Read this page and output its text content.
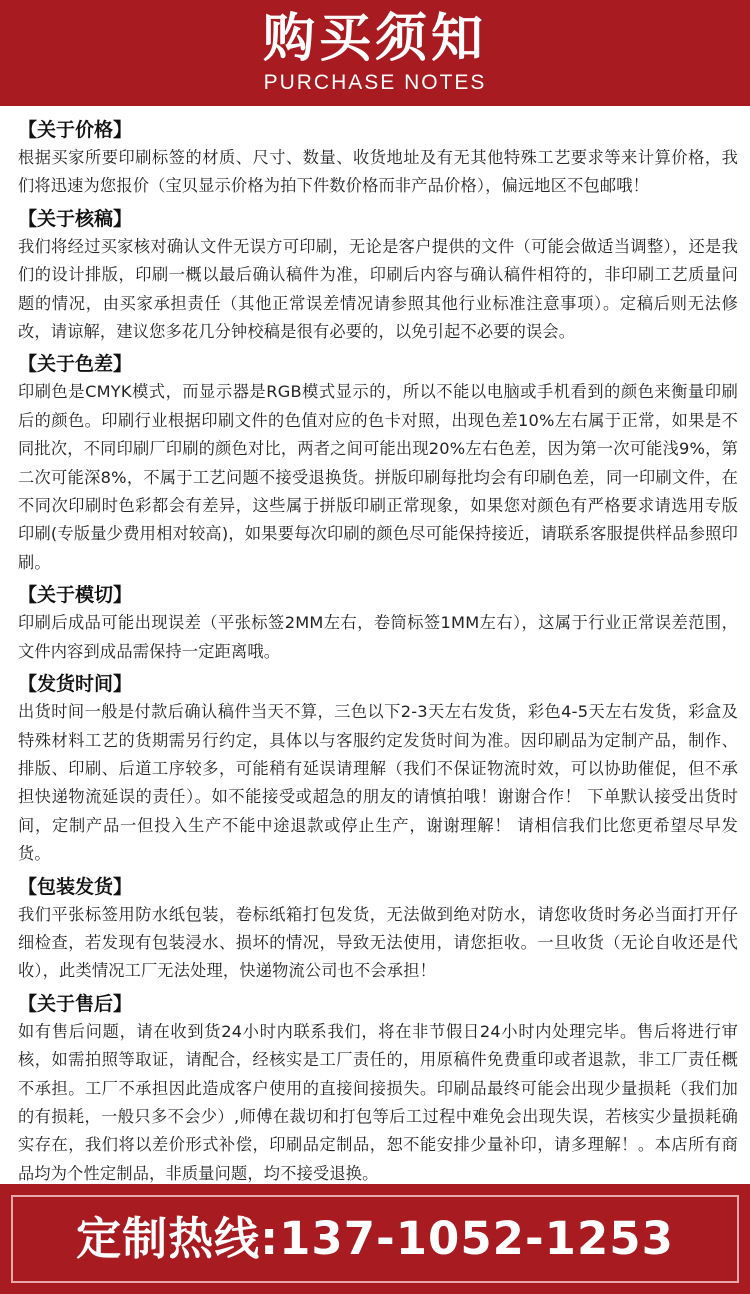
购买须知
PURCHASE NOTES
【关于价格】

根据买家所要印刷标签的材质、尺寸、数量、收货地址及有无其他特殊工艺要求等来计算价格，我们将迅速为您报价（宝贝显示价格为拍下件数价格而非产品价格），偏远地区不包邮哦！

【关于核稿】

我们将经过买家核对确认文件无误方可印刷，无论是客户提供的文件（可能会做适当调整），还是我们的设计排版，印刷一概以最后确认稿件为准，印刷后内容与确认稿件相符的，非印刷工艺质量问题的情况，由买家承担责任（其他正常误差情况请参照其他行业标准注意事项）。定稿后则无法修改，请谅解，建议您多花几分钟校稿是很有必要的，以免引起不必要的误会。

【关于色差】

印刷色是CMYK模式，而显示器是RGB模式显示的，所以不能以电脑或手机看到的颜色来衡量印刷后的颜色。印刷行业根据印刷文件的色值对应的色卡对照，出现色差10%左右属于正常，如果是不同批次，不同印刷厂印刷的颜色对比，两者之间可能出现20%左右色差，因为第一次可能浅9%，第二次可能深8%，不属于工艺问题不接受退换货。拼版印刷每批均会有印刷色差，同一印刷文件，在不同次印刷时色彩都会有差异，这些属于拼版印刷正常现象，如果您对颜色有严格要求请选用专版印刷(专版量少费用相对较高)，如果要每次印刷的颜色尽可能保持接近，请联系客服提供样品参照印刷。

【关于模切】

印刷后成品可能出现误差（平张标签2MM左右，卷筒标签1MM左右），这属于行业正常误差范围，文件内容到成品需保持一定距离哦。

【发货时间】

出货时间一般是付款后确认稿件当天不算，三色以下2-3天左右发货，彩色4-5天左右发货，彩盒及特殊材料工艺的货期需另行约定，具体以与客服约定发货时间为准。因印刷品为定制产品，制作、排版、印刷、后道工序较多，可能稍有延误请理解（我们不保证物流时效，可以协助催促，但不承担快递物流延误的责任）。如不能接受或超急的朋友的请慎拍哦！谢谢合作！ 下单默认接受出货时间，定制产品一但投入生产不能中途退款或停止生产，谢谢理解！ 请相信我们比您更希望尽早发货。

【包装发货】

我们平张标签用防水纸包装，卷标纸箱打包发货，无法做到绝对防水，请您收货时务必当面打开仔细检查，若发现有包装浸水、损坏的情况，导致无法使用，请您拒收。一旦收货（无论自收还是代收），此类情况工厂无法处理，快递物流公司也不会承担！

【关于售后】

如有售后问题，请在收到货24小时内联系我们，将在非节假日24小时内处理完毕。售后将进行审核，如需拍照等取证，请配合，经核实是工厂责任的，用原稿件免费重印或者退款，非工厂责任概不承担。工厂不承担因此造成客户使用的直接间接损失。印刷品最终可能会出现少量损耗（我们加的有损耗，一般只多不会少）,师傅在裁切和打包等后工过程中难免会出现失误，若核实少量损耗确实存在，我们将以差价形式补偿，印刷品定制品，恕不能安排少量补印，请多理解！。本店所有商品均为个性定制品，非质量问题，均不接受退换。

定制热线:137-1052-1253
